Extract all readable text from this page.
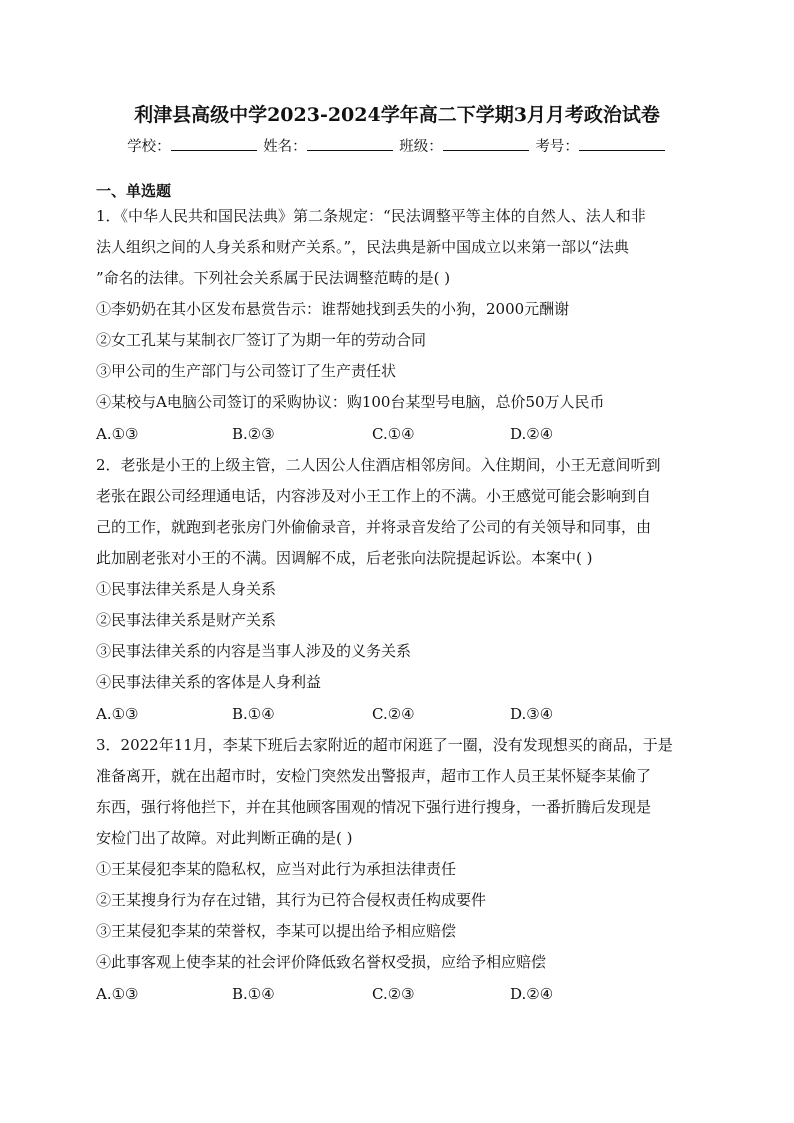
利津县高级中学2023-2024学年高二下学期3月月考政治试卷
学校：	姓名：	班级：	考号：
一、单选题
1．《中华人民共和国民法典》第二条规定：“民法调整平等主体的自然人、法人和非
法人组织之间的人身关系和财产关系。”，民法典是新中国成立以来第一部以“法典
”命名的法律。下列社会关系属于民法调整范畴的是( )
①李奶奶在其小区发布悬赏告示：谁帮她找到丢失的小狗，2000元酬谢
②女工孔某与某制衣厂签订了为期一年的劳动合同
③甲公司的生产部门与公司签订了生产责任状
④某校与A电脑公司签订的采购协议：购100台某型号电脑，总价50万人民币
A.①③	B.②③	C.①④	D.②④
2．老张是小王的上级主管，二人因公人住酒店相邻房间。入住期间，小王无意间听到
老张在跟公司经理通电话，内容涉及对小王工作上的不满。小王感觉可能会影响到自
己的工作，就跑到老张房门外偷偷录音，并将录音发给了公司的有关领导和同事，由
此加剧老张对小王的不满。因调解不成，后老张向法院提起诉讼。本案中( )
①民事法律关系是人身关系
②民事法律关系是财产关系
③民事法律关系的内容是当事人涉及的义务关系
④民事法律关系的客体是人身利益
A.①③	B.①④	C.②④	D.③④
3．2022年11月，李某下班后去家附近的超市闲逛了一圈，没有发现想买的商品，于是
准备离开，就在出超市时，安检门突然发出警报声，超市工作人员王某怀疑李某偷了
东西，强行将他拦下，并在其他顾客围观的情况下强行进行搜身，一番折腾后发现是
安检门出了故障。对此判断正确的是( )
①王某侵犯李某的隐私权，应当对此行为承担法律责任
②王某搜身行为存在过错，其行为已符合侵权责任构成要件
③王某侵犯李某的荣誉权，李某可以提出给予相应赔偿
④此事客观上使李某的社会评价降低致名誉权受损，应给予相应赔偿
A.①③	B.①④	C.②③	D.②④
